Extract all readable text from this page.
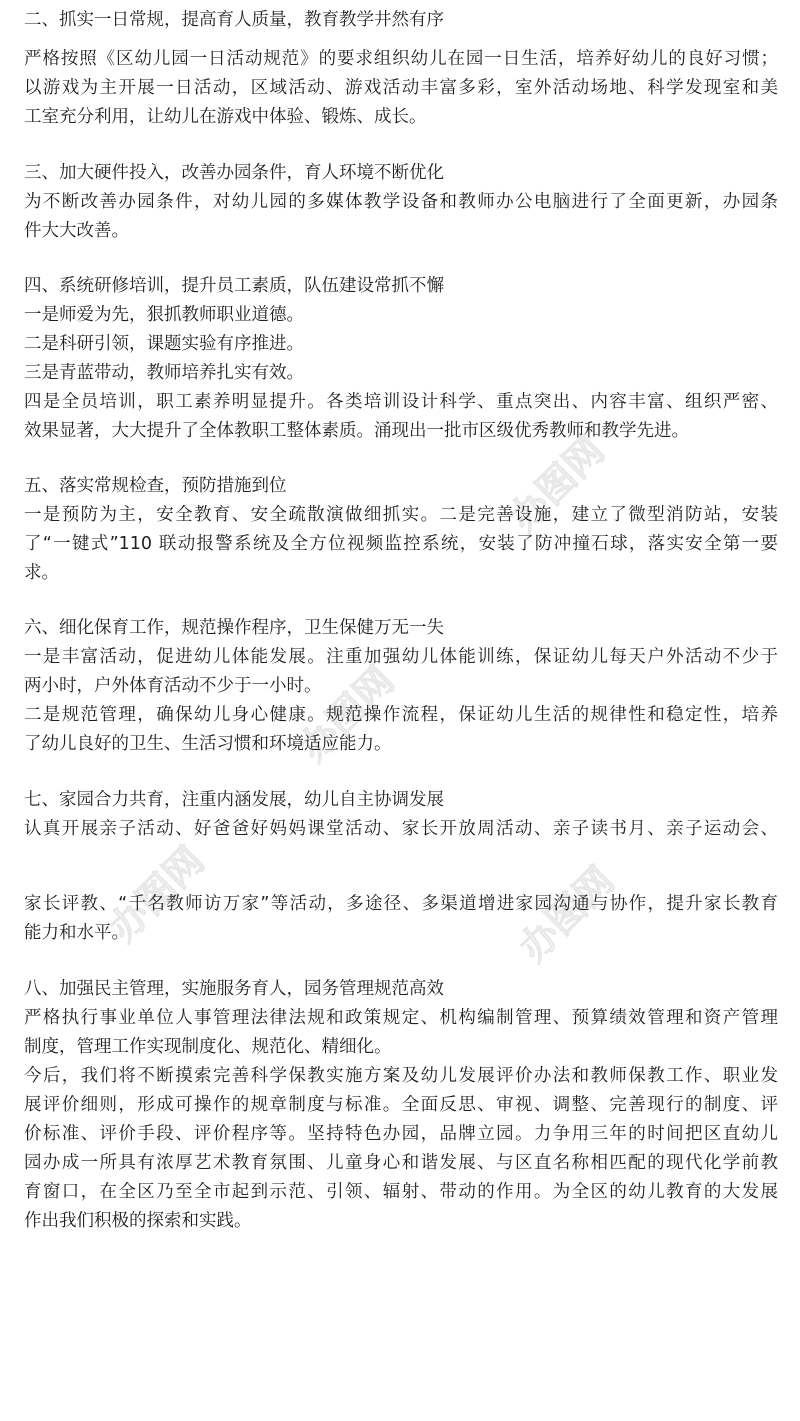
二、抓实一日常规，提高育人质量，教育教学井然有序
严格按照《区幼儿园一日活动规范》的要求组织幼儿在园一日生活，培养好幼儿的良好习惯；
以游戏为主开展一日活动，区域活动、游戏活动丰富多彩，室外活动场地、科学发现室和美
工室充分利用，让幼儿在游戏中体验、锻炼、成长。
三、加大硬件投入，改善办园条件，育人环境不断优化
为不断改善办园条件，对幼儿园的多媒体教学设备和教师办公电脑进行了全面更新，办园条
件大大改善。
四、系统研修培训，提升员工素质，队伍建设常抓不懈
一是师爱为先，狠抓教师职业道德。
二是科研引领，课题实验有序推进。
三是青蓝带动，教师培养扎实有效。
四是全员培训，职工素养明显提升。各类培训设计科学、重点突出、内容丰富、组织严密、
效果显著，大大提升了全体教职工整体素质。涌现出一批市区级优秀教师和教学先进。
五、落实常规检查，预防措施到位
一是预防为主，安全教育、安全疏散演做细抓实。二是完善设施，建立了微型消防站，安装
了“一键式”110 联动报警系统及全方位视频监控系统，安装了防冲撞石球，落实安全第一要
求。
六、细化保育工作，规范操作程序，卫生保健万无一失
一是丰富活动，促进幼儿体能发展。注重加强幼儿体能训练，保证幼儿每天户外活动不少于
两小时，户外体育活动不少于一小时。
二是规范管理，确保幼儿身心健康。规范操作流程，保证幼儿生活的规律性和稳定性，培养
了幼儿良好的卫生、生活习惯和环境适应能力。
七、家园合力共育，注重内涵发展，幼儿自主协调发展
认真开展亲子活动、好爸爸好妈妈课堂活动、家长开放周活动、亲子读书月、亲子运动会、
家长评教、“千名教师访万家”等活动，多途径、多渠道增进家园沟通与协作，提升家长教育
能力和水平。
八、加强民主管理，实施服务育人，园务管理规范高效
严格执行事业单位人事管理法律法规和政策规定、机构编制管理、预算绩效管理和资产管理
制度，管理工作实现制度化、规范化、精细化。
今后，我们将不断摸索完善科学保教实施方案及幼儿发展评价办法和教师保教工作、职业发
展评价细则，形成可操作的规章制度与标准。全面反思、审视、调整、完善现行的制度、评
价标准、评价手段、评价程序等。坚持特色办园，品牌立园。力争用三年的时间把区直幼儿
园办成一所具有浓厚艺术教育氛围、儿童身心和谐发展、与区直名称相匹配的现代化学前教
育窗口，在全区乃至全市起到示范、引领、辐射、带动的作用。为全区的幼儿教育的大发展
作出我们积极的探索和实践。
办图网
办图网
办图网
办图网
